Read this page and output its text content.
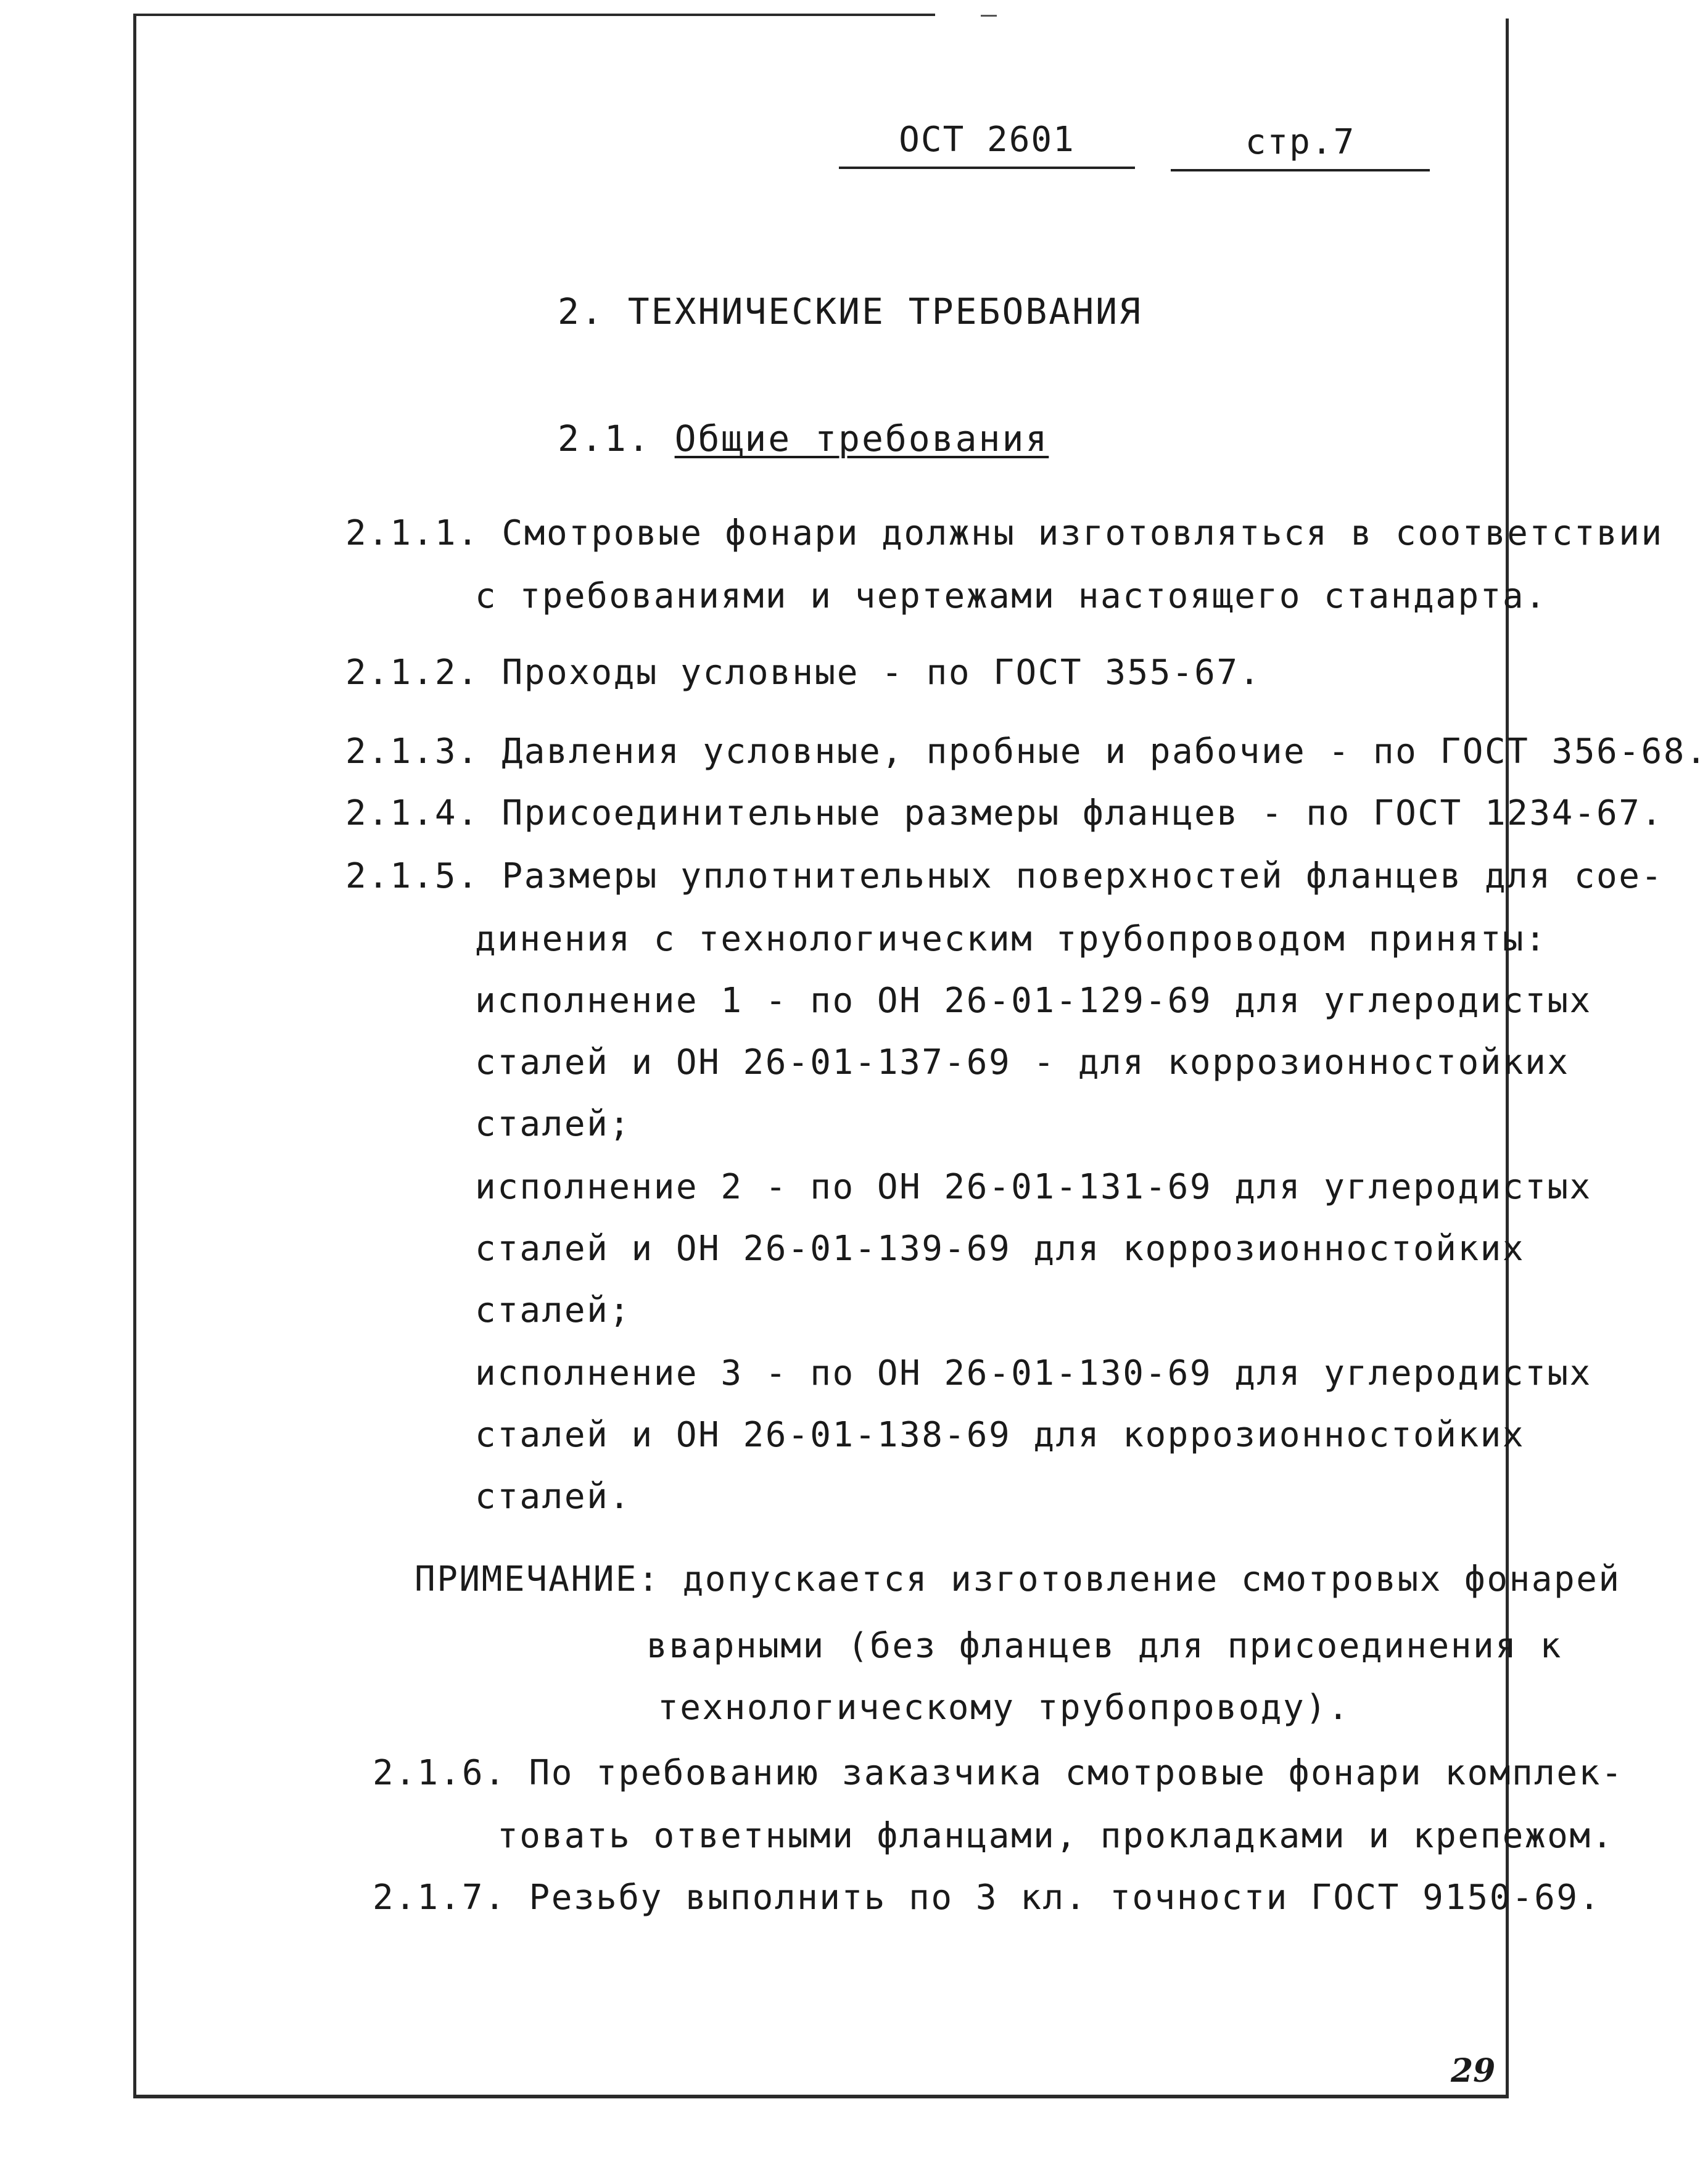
ОСТ 2601	стр.7
2. ТЕХНИЧЕСКИЕ ТРЕБОВАНИЯ
2.1. Общие требования
2.1.1. Смотровые фонари должны изготовляться в соответствии
с требованиями и чертежами настоящего стандарта.
2.1.2. Проходы условные - по ГОСТ 355-67.
2.1.3. Давления условные, пробные и рабочие - по ГОСТ 356-68.
2.1.4. Присоединительные размеры фланцев - по ГОСТ 1234-67.
2.1.5. Размеры уплотнительных поверхностей фланцев для сое-
динения с технологическим трубопроводом приняты:
исполнение 1 - по ОН 26-01-129-69 для углеродистых
сталей и ОН 26-01-137-69 - для коррозионностойких
сталей;
исполнение 2 - по ОН 26-01-131-69 для углеродистых
сталей и ОН 26-01-139-69 для коррозионностойких
сталей;
исполнение 3 - по ОН 26-01-130-69 для углеродистых
сталей и ОН 26-01-138-69 для коррозионностойких
сталей.
ПРИМЕЧАНИЕ: допускается изготовление смотровых фонарей
вварными (без фланцев для присоединения к
технологическому трубопроводу).
2.1.6. По требованию заказчика смотровые фонари комплек-
товать ответными фланцами, прокладками и крепежом.
2.1.7. Резьбу выполнить по 3 кл. точности ГОСТ 9150-69.
29
